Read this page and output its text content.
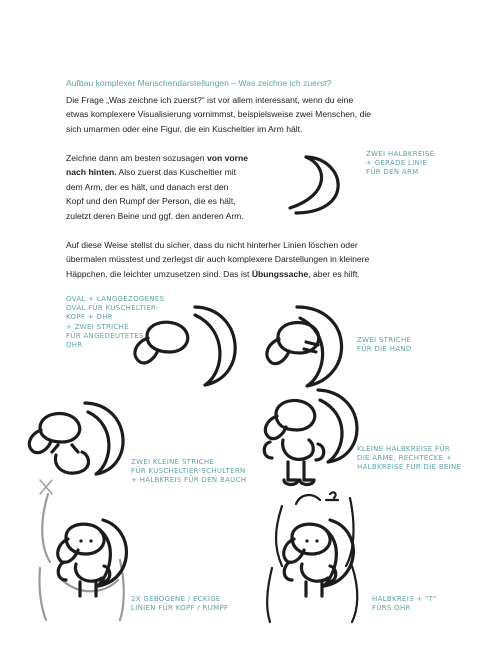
Aufbau komplexer Menschendarstellungen – Was zeichne ich zuerst?
Die Frage „Was zeichne ich zuerst?“ ist vor allem interessant, wenn du eine
etwas komplexere Visualisierung vornimmst, beispielsweise zwei Menschen, die
sich umarmen oder eine Figur, die ein Kuscheltier im Arm hält.
Zeichne dann am besten sozusagen von vorne
nach hinten. Also zuerst das Kuscheltier mit
dem Arm, der es hält, und danach erst den
Kopf und den Rumpf der Person, die es hält,
zuletzt deren Beine und ggf. den anderen Arm.
Auf diese Weise stellst du sicher, dass du nicht hinterher Linien löschen oder
übermalen müsstest und zerlegst dir auch komplexere Darstellungen in kleinere
Häppchen, die leichter umzusetzen sind. Das ist Übungssache, aber es hilft.
ZWEI HALBKREISE
+ GERADE LINIE
FÜR DEN ARM
OVAL + LANGGEZOGENES
OVAL FÜR KUSCHELTIER-
KOPF + OHR
+ ZWEI STRICHE
FÜR ANGEDEUTETES
OHR
ZWEI STRICHE
FÜR DIE HAND
ZWEI KLEINE STRICHE
FÜR KUSCHELTIER-SCHULTERN
+ HALBKREIS FÜR DEN BAUCH
KLEINE HALBKREISE FÜR
DIE ARME, RECHTECKE +
HALBKREISE FÜR DIE BEINE
2X GEBOGENE / ECKIGE
LINIEN FÜR KOPF / RUMPF
HALBKREIS + "T"
FÜRS OHR
